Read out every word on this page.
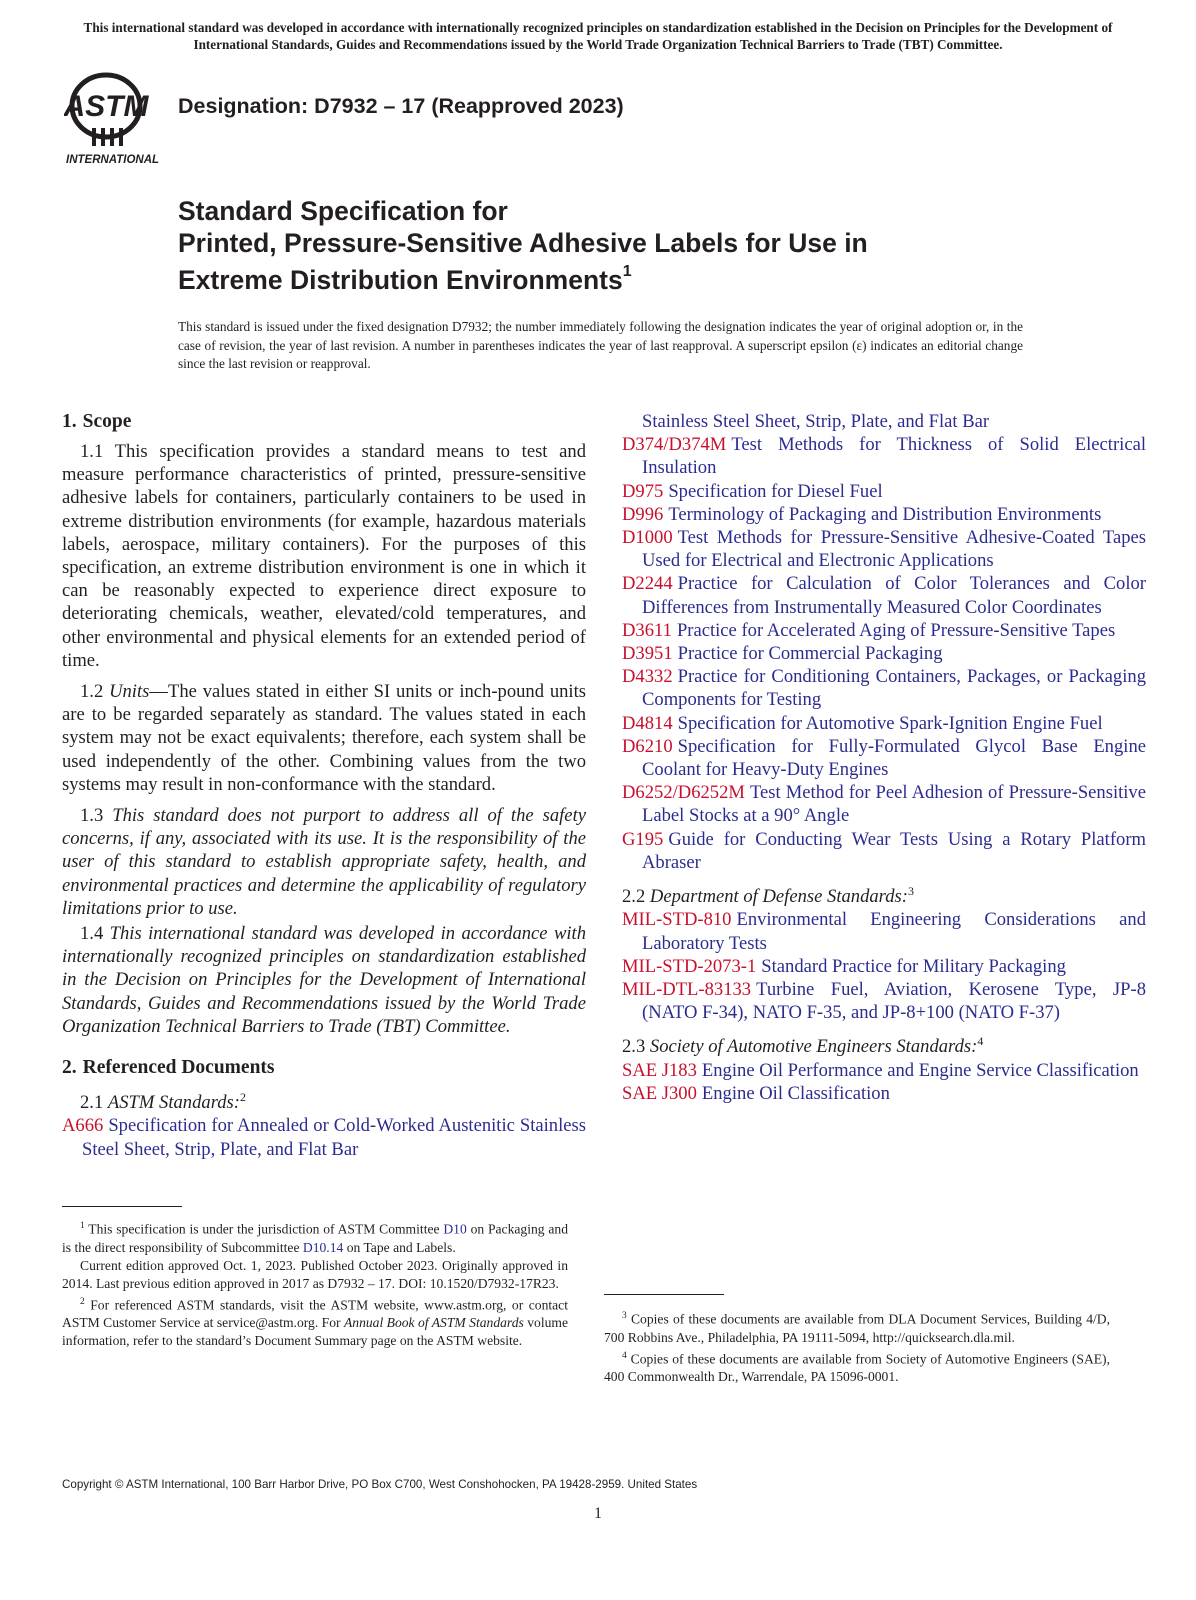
This international standard was developed in accordance with internationally recognized principles on standardization established in the Decision on Principles for the Development of International Standards, Guides and Recommendations issued by the World Trade Organization Technical Barriers to Trade (TBT) Committee.
ASTM
INTERNATIONAL
Designation: D7932 – 17 (Reapproved 2023)
Standard Specification for
Printed, Pressure-Sensitive Adhesive Labels for Use in
Extreme Distribution Environments$^1$
This standard is issued under the fixed designation D7932; the number immediately following the designation indicates the year of original adoption or, in the case of revision, the year of last revision. A number in parentheses indicates the year of last reapproval. A superscript epsilon (ε) indicates an editorial change since the last revision or reapproval.
1. Scope

1.1 This specification provides a standard means to test and measure performance characteristics of printed, pressure-sensitive adhesive labels for containers, particularly containers to be used in extreme distribution environments (for example, hazardous materials labels, aerospace, military containers). For the purposes of this specification, an extreme distribution environment is one in which it can be reasonably expected to experience direct exposure to deteriorating chemicals, weather, elevated/cold temperatures, and other environmental and physical elements for an extended period of time.

1.2 Units—The values stated in either SI units or inch-pound units are to be regarded separately as standard. The values stated in each system may not be exact equivalents; therefore, each system shall be used independently of the other. Combining values from the two systems may result in non-conformance with the standard.

1.3 This standard does not purport to address all of the safety concerns, if any, associated with its use. It is the responsibility of the user of this standard to establish appropriate safety, health, and environmental practices and determine the applicability of regulatory limitations prior to use.

1.4 This international standard was developed in accordance with internationally recognized principles on standardization established in the Decision on Principles for the Development of International Standards, Guides and Recommendations issued by the World Trade Organization Technical Barriers to Trade (TBT) Committee.

2. Referenced Documents
2.1 ASTM Standards:$^2$
A666 Specification for Annealed or Cold-Worked Austenitic Stainless Steel Sheet, Strip, Plate, and Flat Bar

$^1$ This specification is under the jurisdiction of ASTM Committee D10 on Packaging and is the direct responsibility of Subcommittee D10.14 on Tape and Labels.

Current edition approved Oct. 1, 2023. Published October 2023. Originally approved in 2014. Last previous edition approved in 2017 as D7932 – 17. DOI: 10.1520/D7932-17R23.

$^2$ For referenced ASTM standards, visit the ASTM website, www.astm.org, or contact ASTM Customer Service at service@astm.org. For Annual Book of ASTM Standards volume information, refer to the standard’s Document Summary page on the ASTM website.

Stainless Steel Sheet, Strip, Plate, and Flat Bar
D374/D374M Test Methods for Thickness of Solid Electrical Insulation
D975 Specification for Diesel Fuel
D996 Terminology of Packaging and Distribution Environments
D1000 Test Methods for Pressure-Sensitive Adhesive-Coated Tapes Used for Electrical and Electronic Applications
D2244 Practice for Calculation of Color Tolerances and Color Differences from Instrumentally Measured Color Coordinates
D3611 Practice for Accelerated Aging of Pressure-Sensitive Tapes
D3951 Practice for Commercial Packaging
D4332 Practice for Conditioning Containers, Packages, or Packaging Components for Testing
D4814 Specification for Automotive Spark-Ignition Engine Fuel
D6210 Specification for Fully-Formulated Glycol Base Engine Coolant for Heavy-Duty Engines
D6252/D6252M Test Method for Peel Adhesion of Pressure-Sensitive Label Stocks at a 90° Angle
G195 Guide for Conducting Wear Tests Using a Rotary Platform Abraser
2.2 Department of Defense Standards:$^3$
MIL-STD-810 Environmental Engineering Considerations and Laboratory Tests
MIL-STD-2073-1 Standard Practice for Military Packaging
MIL-DTL-83133 Turbine Fuel, Aviation, Kerosene Type, JP-8 (NATO F-34), NATO F-35, and JP-8+100 (NATO F-37)
2.3 Society of Automotive Engineers Standards:$^4$
SAE J183 Engine Oil Performance and Engine Service Classification
SAE J300 Engine Oil Classification

$^3$ Copies of these documents are available from DLA Document Services, Building 4/D, 700 Robbins Ave., Philadelphia, PA 19111-5094, http://quicksearch.dla.mil.

$^4$ Copies of these documents are available from Society of Automotive Engineers (SAE), 400 Commonwealth Dr., Warrendale, PA 15096-0001.

Copyright © ASTM International, 100 Barr Harbor Drive, PO Box C700, West Conshohocken, PA 19428-2959. United States
1
